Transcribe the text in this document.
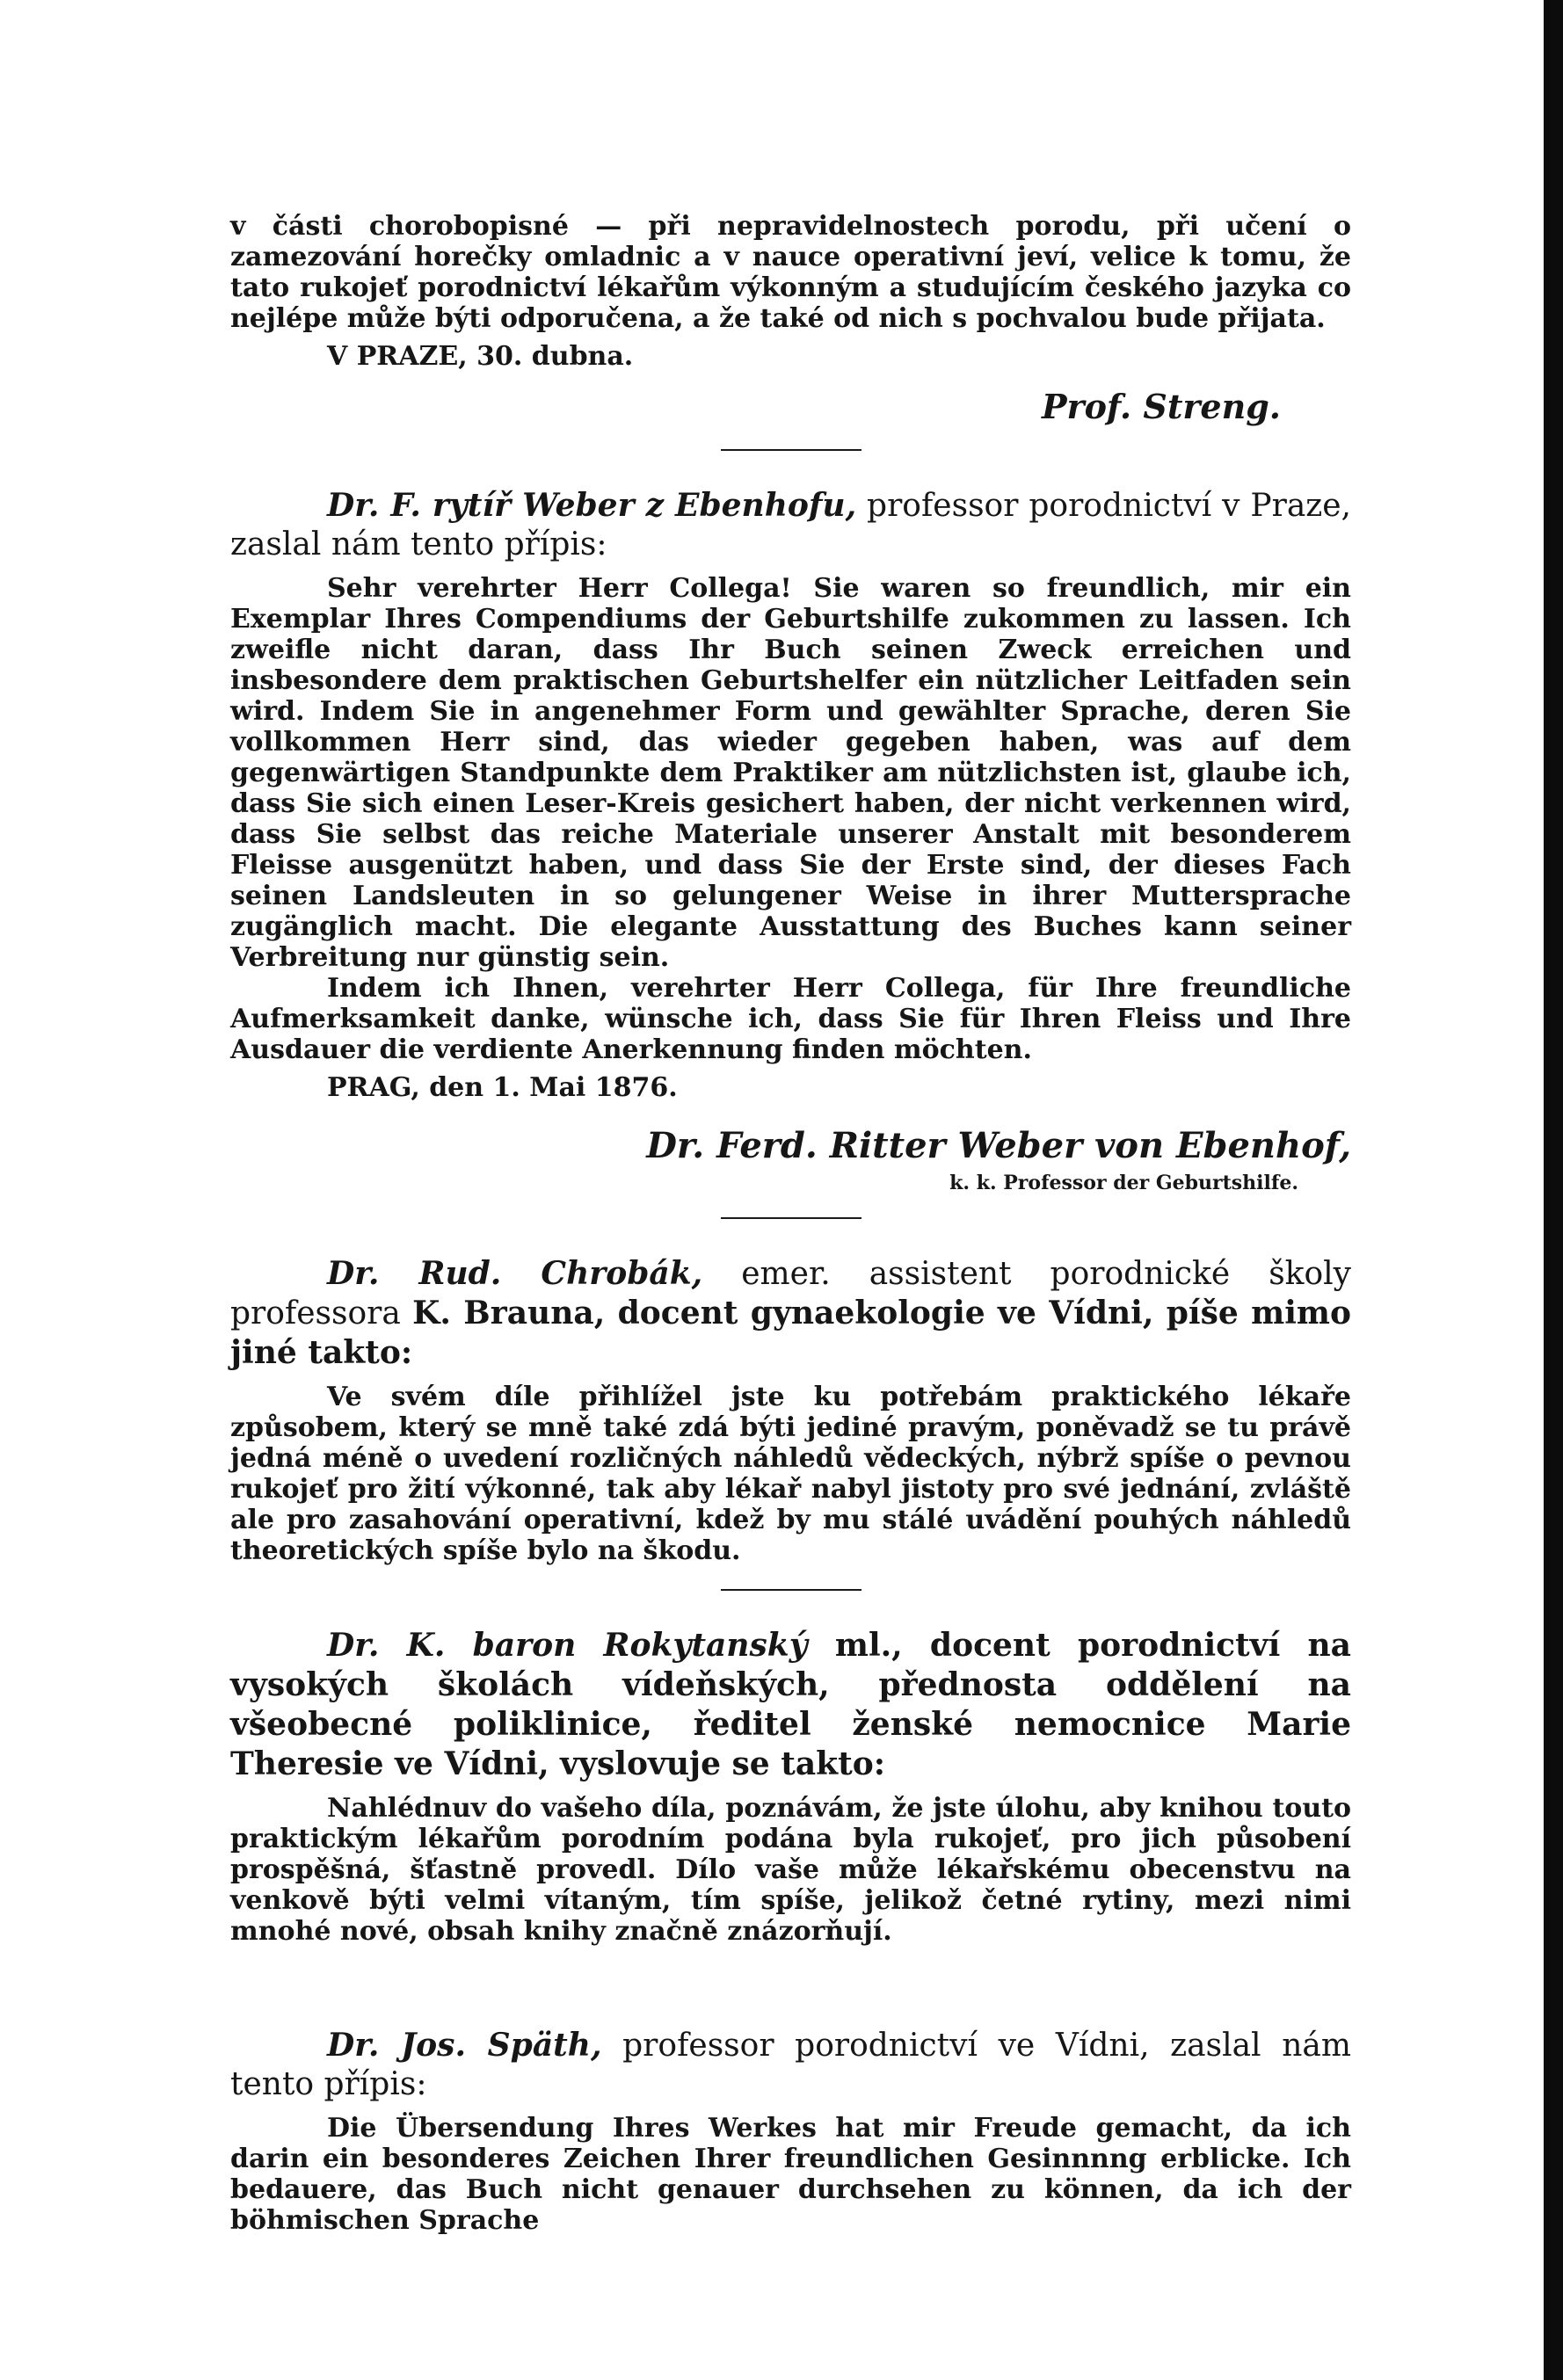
v části chorobopisné — při nepravidelnostech porodu, při učení o zamezování horečky omladnic a v nauce operativní jeví, velice k tomu, že tato rukojeť porodnictví lékařům výkonným a studujícím českého jazyka co nejlépe může býti odporučena, a že také od nich s pochvalou bude přijata.

V PRAZE, 30. dubna.

Prof. Streng.

Dr. F. rytíř Weber z Ebenhofu, professor porodnictví v Praze, zaslal nám tento přípis:

Sehr verehrter Herr Collega! Sie waren so freundlich, mir ein Exemplar Ihres Compendiums der Geburtshilfe zukommen zu lassen. Ich zweifle nicht daran, dass Ihr Buch seinen Zweck erreichen und insbesondere dem praktischen Geburtshelfer ein nützlicher Leitfaden sein wird. Indem Sie in angenehmer Form und gewählter Sprache, deren Sie vollkommen Herr sind, das wieder gegeben haben, was auf dem gegenwärtigen Standpunkte dem Praktiker am nützlichsten ist, glaube ich, dass Sie sich einen Leser-Kreis gesichert haben, der nicht verkennen wird, dass Sie selbst das reiche Materiale unserer Anstalt mit besonderem Fleisse ausgenützt haben, und dass Sie der Erste sind, der dieses Fach seinen Landsleuten in so gelungener Weise in ihrer Muttersprache zugänglich macht. Die elegante Ausstattung des Buches kann seiner Verbreitung nur günstig sein.

Indem ich Ihnen, verehrter Herr Collega, für Ihre freundliche Aufmerksamkeit danke, wünsche ich, dass Sie für Ihren Fleiss und Ihre Ausdauer die verdiente Anerkennung finden möchten.

PRAG, den 1. Mai 1876.

Dr. Ferd. Ritter Weber von Ebenhof,

k. k. Professor der Geburtshilfe.

Dr. Rud. Chrobák, emer. assistent porodnické školy professora K. Brauna, docent gynaekologie ve Vídni, píše mimo jiné takto:

Ve svém díle přihlížel jste ku potřebám praktického lékaře způsobem, který se mně také zdá býti jediné pravým, poněvadž se tu právě jedná méně o uvedení rozličných náhledů vědeckých, nýbrž spíše o pevnou rukojeť pro žití výkonné, tak aby lékař nabyl jistoty pro své jednání, zvláště ale pro zasahování operativní, kdež by mu stálé uvádění pouhých náhledů theoretických spíše bylo na škodu.

Dr. K. baron Rokytanský ml., docent porodnictví na vysokých školách vídeňských, přednosta oddělení na všeobecné poliklinice, ředitel ženské nemocnice Marie Theresie ve Vídni, vyslovuje se takto:

Nahlédnuv do vašeho díla, poznávám, že jste úlohu, aby knihou touto praktickým lékařům porodním podána byla rukojeť, pro jich působení prospěšná, šťastně provedl. Dílo vaše může lékařskému obecenstvu na venkově býti velmi vítaným, tím spíše, jelikož četné rytiny, mezi nimi mnohé nové, obsah knihy značně znázorňují.

Dr. Jos. Späth, professor porodnictví ve Vídni, zaslal nám tento přípis:

Die Übersendung Ihres Werkes hat mir Freude gemacht, da ich darin ein besonderes Zeichen Ihrer freundlichen Gesinnnng erblicke. Ich bedauere, das Buch nicht genauer durchsehen zu können, da ich der böhmischen Sprache
